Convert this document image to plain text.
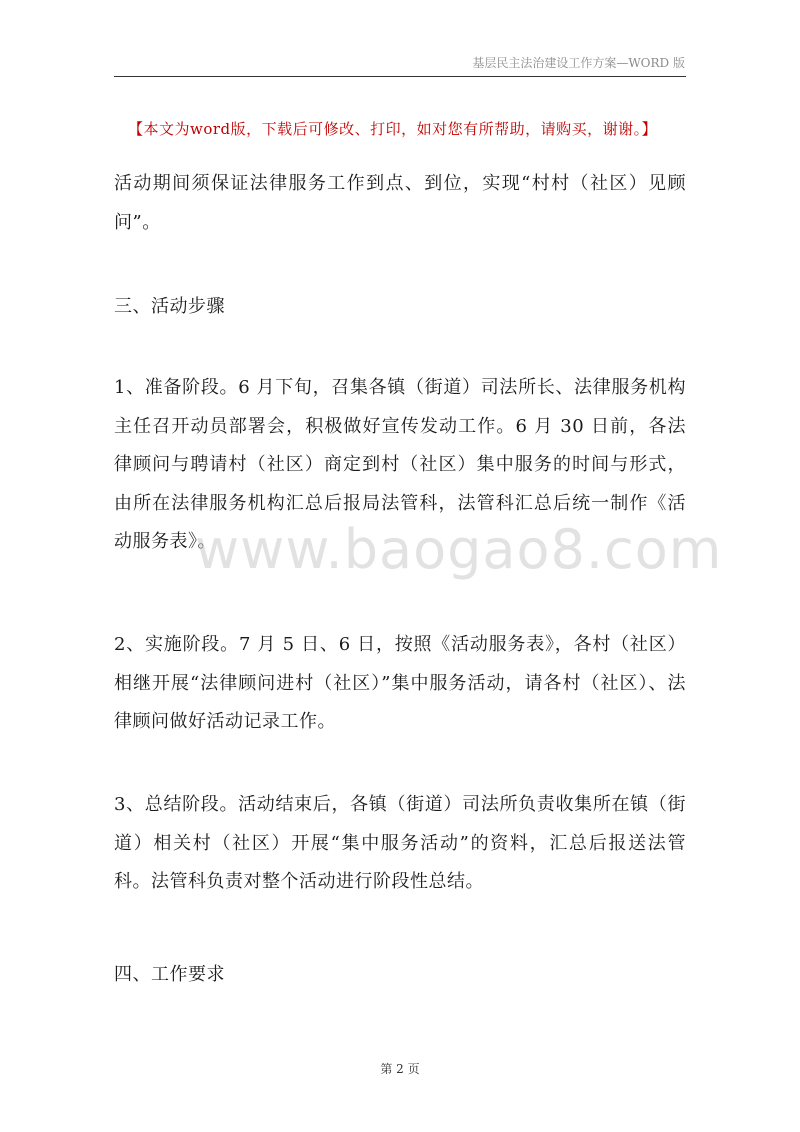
基层民主法治建设工作方案—WORD 版
【本文为word版，下载后可修改、打印，如对您有所帮助，请购买，谢谢。】
活动期间须保证法律服务工作到点、到位，实现“村村（社区）见顾问”。
三、活动步骤
1、准备阶段。6 月下旬，召集各镇（街道）司法所长、法律服务机构主任召开动员部署会，积极做好宣传发动工作。6 月 30 日前，各法律顾问与聘请村（社区）商定到村（社区）集中服务的时间与形式，由所在法律服务机构汇总后报局法管科，法管科汇总后统一制作《活动服务表》。
www.baogao8.com
2、实施阶段。7 月 5 日、6 日，按照《活动服务表》，各村（社区）相继开展“法律顾问进村（社区）”集中服务活动，请各村（社区）、法律顾问做好活动记录工作。
3、总结阶段。活动结束后，各镇（街道）司法所负责收集所在镇（街道）相关村（社区）开展“集中服务活动”的资料，汇总后报送法管科。法管科负责对整个活动进行阶段性总结。
四、工作要求
第 2 页
